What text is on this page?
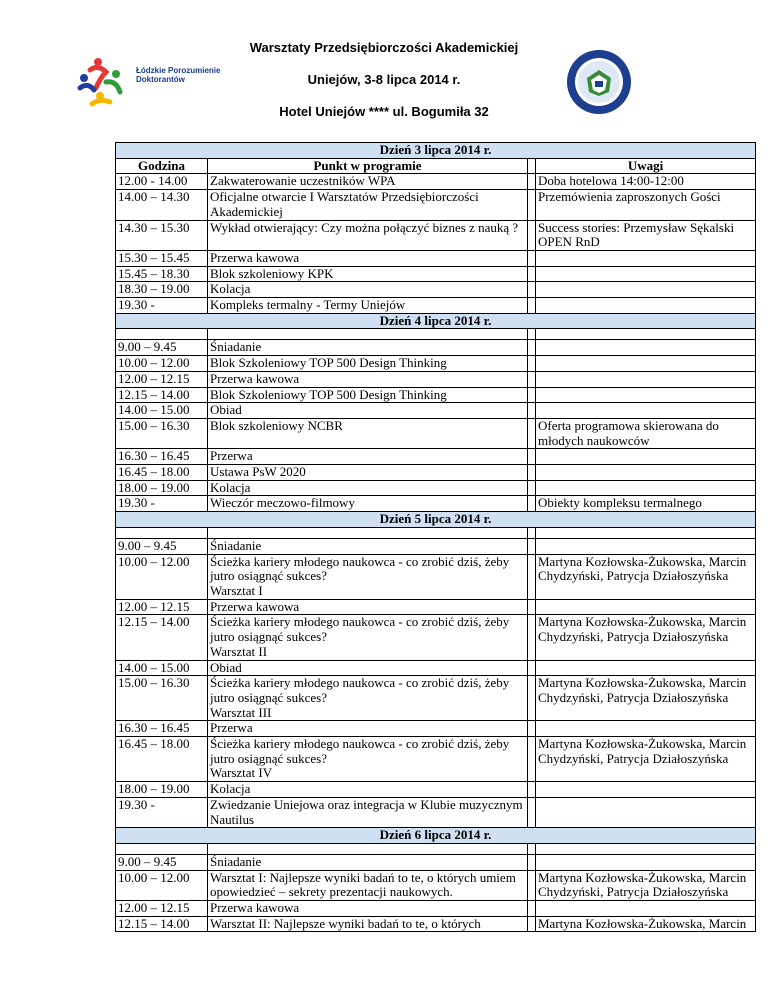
Warsztaty Przedsiębiorczości Akademickiej
Uniejów, 3-8 lipca 2014 r.
Hotel Uniejów **** ul. Bogumiła 32
Łódzkie Porozumienie
Doktorantów
Dzień 3 lipca 2014 r.			
Godzina	Punkt w programie		Uwagi
12.00 - 14.00	Zakwaterowanie uczestników WPA		Doba hotelowa 14:00-12:00
14.00 – 14.30	Oficjalne otwarcie I Warsztatów Przedsiębiorczości Akademickiej		Przemówienia zaproszonych Gości
14.30 – 15.30	Wykład otwierający: Czy można połączyć biznes z nauką ?		Success stories: Przemysław Sękalski OPEN RnD
15.30 – 15.45	Przerwa kawowa		

15.45 – 18.30	Blok szkoleniowy KPK		

18.30 – 19.00	Kolacja		

19.30 -	Kompleks termalny - Termy Uniejów		

Dzień 4 lipca 2014 r.			

9.00 – 9.45	Śniadanie		

10.00 – 12.00	Blok Szkoleniowy TOP 500 Design Thinking		

12.00 – 12.15	Przerwa kawowa		

12.15 – 14.00	Blok Szkoleniowy TOP 500 Design Thinking		

14.00 – 15.00	Obiad		

15.00 – 16.30	Blok szkoleniowy NCBR		Oferta programowa skierowana do młodych naukowców
16.30 – 16.45	Przerwa		

16.45 – 18.00	Ustawa PsW 2020		

18.00 – 19.00	Kolacja		

19.30 -	Wieczór meczowo-filmowy		Obiekty kompleksu termalnego
Dzień 5 lipca 2014 r.			

9.00 – 9.45	Śniadanie		

10.00 – 12.00	Ścieżka kariery młodego naukowca - co zrobić dziś, żeby jutro osiągnąć sukces?
Warsztat I		Martyna Kozłowska-Żukowska, Marcin Chydzyński, Patrycja Działoszyńska
12.00 – 12.15	Przerwa kawowa		

12.15 – 14.00	Ścieżka kariery młodego naukowca - co zrobić dziś, żeby jutro osiągnąć sukces?
Warsztat II		Martyna Kozłowska-Żukowska, Marcin Chydzyński, Patrycja Działoszyńska
14.00 – 15.00	Obiad		

15.00 – 16.30	Ścieżka kariery młodego naukowca - co zrobić dziś, żeby jutro osiągnąć sukces?
Warsztat III		Martyna Kozłowska-Żukowska, Marcin Chydzyński, Patrycja Działoszyńska
16.30 – 16.45	Przerwa		

16.45 – 18.00	Ścieżka kariery młodego naukowca - co zrobić dziś, żeby jutro osiągnąć sukces?
Warsztat IV		Martyna Kozłowska-Żukowska, Marcin Chydzyński, Patrycja Działoszyńska
18.00 – 19.00	Kolacja		

19.30 -	Zwiedzanie Uniejowa oraz integracja w Klubie muzycznym Nautilus		

Dzień 6 lipca 2014 r.			

9.00 – 9.45	Śniadanie		

10.00 – 12.00	Warsztat I: Najlepsze wyniki badań to te, o których umiem opowiedzieć – sekrety prezentacji naukowych.		Martyna Kozłowska-Żukowska, Marcin Chydzyński, Patrycja Działoszyńska
12.00 – 12.15	Przerwa kawowa		

12.15 – 14.00	Warsztat II: Najlepsze wyniki badań to te, o których		Martyna Kozłowska-Żukowska, Marcin
